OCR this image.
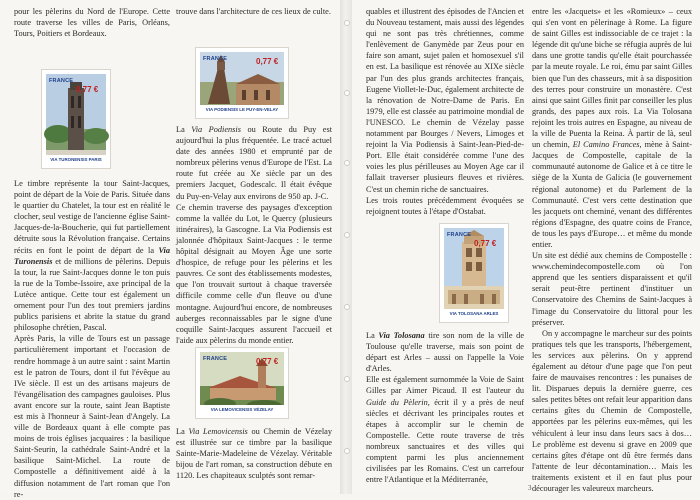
pour les pèlerins du Nord de l'Europe. Cette route traverse les villes de Paris, Orléans, Tours, Poitiers et Bordeaux.

FRANCE
0,77 €
VIA TURONENSIS PARIS

Le timbre représente la tour Saint-Jacques, point de départ de la Voie de Paris. Située dans le quartier du Chatelet, la tour est en réalité le clocher, seul vestige de l'ancienne église Saint-Jacques-de-la-Boucherie, qui fut partiellement détruite sous la Révolution française. Certains récits en font le point de départ de la Via Turonensis et de millions de pèlerins. Depuis la tour, la rue Saint-Jacques donne le ton puis la rue de la Tombe-Issoire, axe principal de la Lutèce antique. Cette tour est également un ornement pour l'un des tout premiers jardins publics parisiens et abrite la statue du grand philosophe chrétien, Pascal.

Après Paris, la ville de Tours est un passage particulièrement important et l'occasion de rendre hommage à un autre saint : saint Martin est le patron de Tours, dont il fut l'évêque au IVe siècle. Il est un des artisans majeurs de l'évangélisation des campagnes gauloises. Plus avant encore sur la route, saint Jean Baptiste est mis à l'honneur à Saint-Jean d'Angely. La ville de Bordeaux quant à elle compte pas moins de trois églises jacquaires : la basilique Saint-Seurin, la cathédrale Saint-André et la basilique Saint-Michel. La route de Compostelle a définitivement aidé à la diffusion notamment de l'art roman que l'on re-

trouve dans l'architecture de ces lieux de culte.

FRANCE	0,77 €
VIA PODIENSIS LE PUY-EN-VELAY

La Via Podiensis ou Route du Puy est aujourd'hui la plus fréquentée. Le tracé actuel date des années 1980 et emprunté par de nombreux pèlerins venus d'Europe de l'Est. La route fut créée au Xe siècle par un des premiers Jacquet, Godescalc. Il était évêque du Puy-en-Velay aux environs de 950 ap. J-C.

Ce chemin traverse des paysages d'exception comme la vallée du Lot, le Quercy (plusieurs itinéraires), la Gascogne. La Via Podiensis est jalonnée d'hôpitaux Saint-Jacques : le terme hôpital désignait au Moyen Âge une sorte d'hospice, de refuge pour les pèlerins et les pauvres. Ce sont des établissements modestes, que l'on trouvait surtout à chaque traversée difficile comme celle d'un fleuve ou d'une montagne. Aujourd'hui encore, de nombreuses auberges reconnaissables par le signe d'une coquille Saint-Jacques assurent l'accueil et l'aide aux pèlerins du monde entier.

FRANCE	0,77 €
VIA LEMOVICENSIS VÉZELAY

La Via Lemovicensis ou Chemin de Vézelay est illustrée sur ce timbre par la basilique Sainte-Marie-Madeleine de Vézelay. Véritable bijou de l'art roman, sa construction débute en 1120. Les chapiteaux sculptés sont remar-

quables et illustrent des épisodes de l'Ancien et du Nouveau testament, mais aussi des légendes qui ne sont pas très chrétiennes, comme l'enlèvement de Ganymède par Zeus pour en faire son amant, sujet païen et homosexuel s'il en est. La basilique est rénovée au XIXe siècle par l'un des plus grands architectes français, Eugene Viollet-le-Duc, également architecte de la rénovation de Notre-Dame de Paris. En 1979, elle est classée au patrimoine mondial de l'UNESCO. Le chemin de Vézelay passe notamment par Bourges / Nevers, Limoges et rejoint la Via Podiensis à Saint-Jean-Pied-de-Port. Elle était considérée comme l'une des voies les plus périlleuses au Moyen Age car il fallait traverser plusieurs fleuves et rivières. C'est un chemin riche de sanctuaires.

Les trois routes précédemment évoquées se rejoignent toutes à l'étape d'Ostabat.

FRANCE
0,77 €
VIA TOLOSANA ARLES

La Via Tolosana tire son nom de la ville de Toulouse qu'elle traverse, mais son point de départ est Arles – aussi on l'appelle la Voie d'Arles.

Elle est également surnommée la Voie de Saint Gilles par Aimer Picaud. Il est l'auteur du Guide du Pèlerin, écrit il y a près de neuf siècles et décrivant les principales routes et étapes à accomplir sur le chemin de Compostelle. Cette route traverse de très nombreux sanctuaires et des villes qui comptent parmi les plus anciennement civilisées par les Romains. C'est un carrefour entre l'Atlantique et la Méditerranée,

entre les «Jacquets» et les «Romieux» – ceux qui s'en vont en pèlerinage à Rome. La figure de saint Gilles est indissociable de ce trajet : la légende dit qu'une biche se réfugia auprès de lui dans une grotte tandis qu'elle était pourchassée par la meute royale. Le roi, ému par saint Gilles bien que l'un des chasseurs, mit à sa disposition des terres pour construire un monastère. C'est ainsi que saint Gilles finit par conseiller les plus grands, des papes aux rois. La Via Tolosana rejoint les trois autres en Espagne, au niveau de la ville de Puenta la Reina. À partir de là, seul un chemin, El Camino Frances, mène à Saint-Jacques de Compostelle, capitale de la communauté autonome de Galice et à ce titre le siège de la Xunta de Galicia (le gouvernement régional autonome) et du Parlement de la Communauté. C'est vers cette destination que les jacquets ont cheminé, venant des différentes régions d'Espagne, des quatre coins de France, de tous les pays d'Europe… et même du monde entier.

Un site est dédié aux chemins de Compostelle : www.chemindecompostelle.com où l'on apprend que les sentiers disparaissent et qu'il serait peut-être pertinent d'instituer un Conservatoire des Chemins de Saint-Jacques à l'image du Conservatoire du littoral pour les préserver.

On y accompagne le marcheur sur des points pratiques tels que les transports, l'hébergement, les services aux pèlerins. On y apprend également au détour d'une page que l'on peut faire de mauvaises rencontres : les punaises de lit. Disparues depuis la dernière guerre, ces sales petites bêtes ont refait leur apparition dans certains gîtes du Chemin de Compostelle, apportées par les pèlerins eux-mêmes, qui les véhiculent à leur insu dans leurs sacs à dos… Le problème est devenu si grave en 2009 que certains gîtes d'étape ont dû être fermés dans l'attente de leur décontamination… Mais les traitements existent et il en faut plus pour décourager les valeureux marcheurs.

3
